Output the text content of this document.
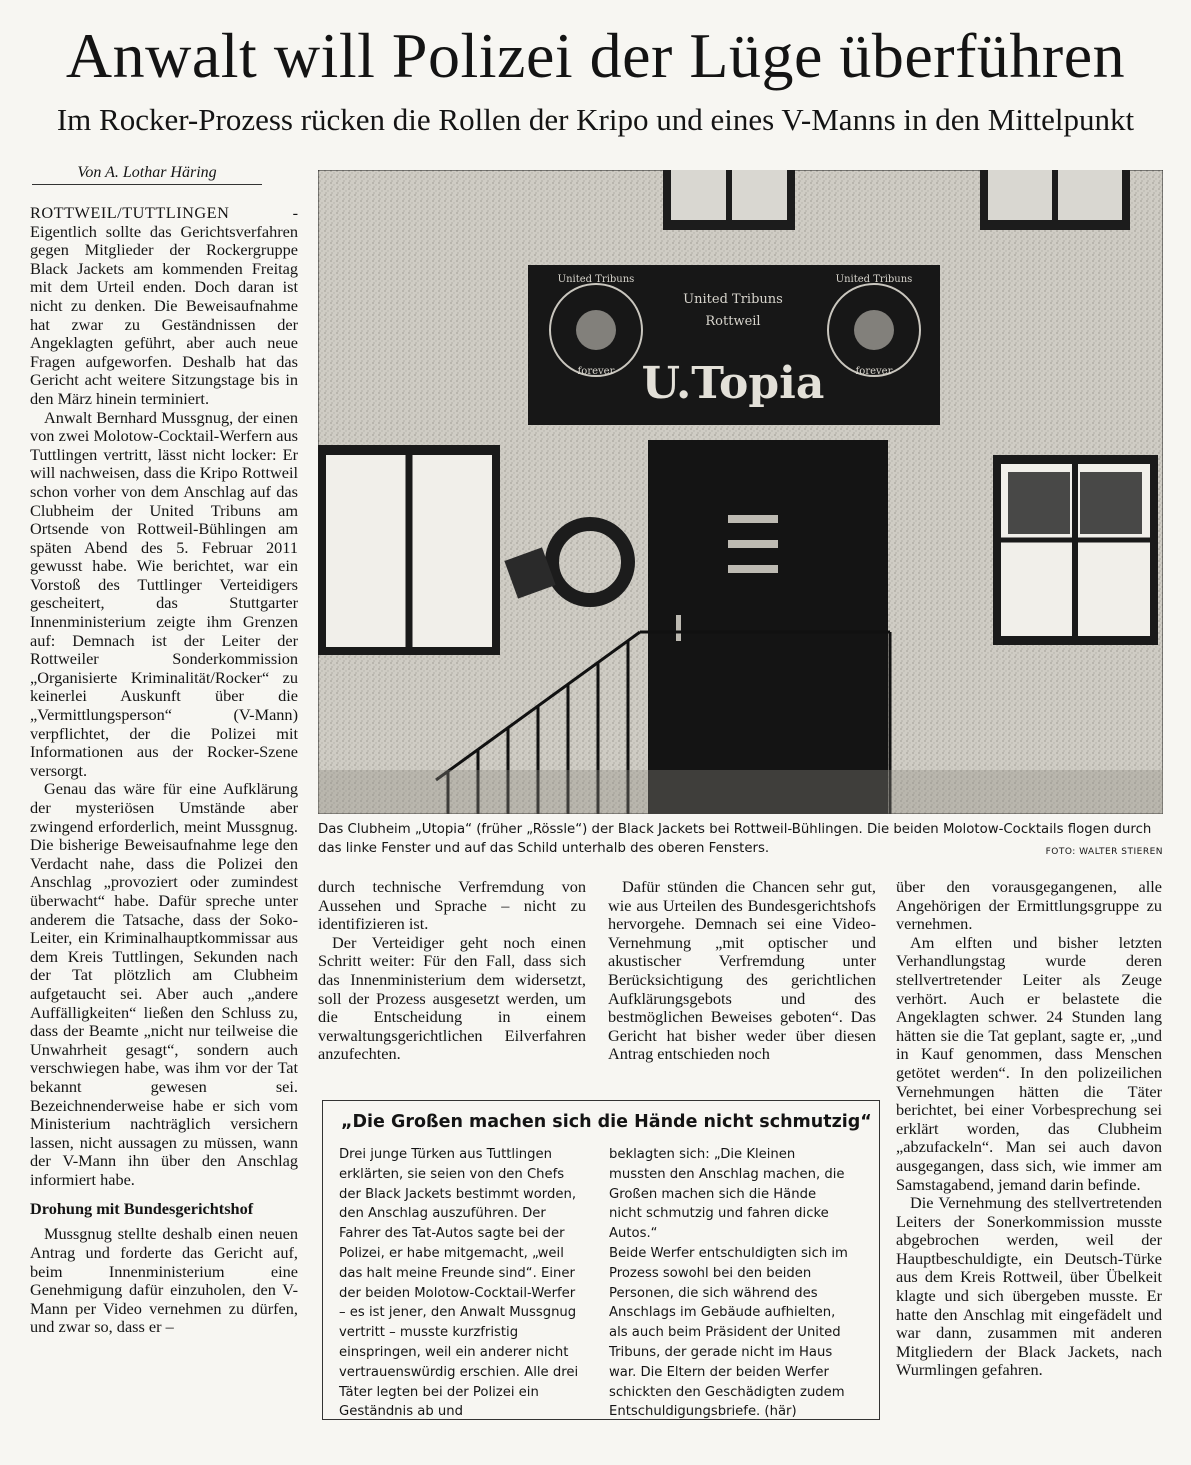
Anwalt will Polizei der Lüge überführen
Im Rocker-Prozess rücken die Rollen der Kripo und eines V-Manns in den Mittelpunkt
Von A. Lothar Häring

ROTTWEIL/TUTTLINGEN - Eigentlich sollte das Gerichtsverfahren gegen Mitglieder der Rockergruppe Black Jackets am kommenden Freitag mit dem Urteil enden. Doch daran ist nicht zu denken. Die Beweisaufnahme hat zwar zu Geständnissen der Angeklagten geführt, aber auch neue Fragen aufgeworfen. Deshalb hat das Gericht acht weitere Sitzungstage bis in den März hinein terminiert.

Anwalt Bernhard Mussgnug, der einen von zwei Molotow-Cocktail-Werfern aus Tuttlingen vertritt, lässt nicht locker: Er will nachweisen, dass die Kripo Rottweil schon vorher von dem Anschlag auf das Clubheim der United Tribuns am Ortsende von Rottweil-Bühlingen am späten Abend des 5. Februar 2011 gewusst habe. Wie berichtet, war ein Vorstoß des Tuttlinger Verteidigers gescheitert, das Stuttgarter Innenministerium zeigte ihm Grenzen auf: Demnach ist der Leiter der Rottweiler Sonderkommission „Organisierte Kriminalität/Rocker“ zu keinerlei Auskunft über die „Vermittlungsperson“ (V-Mann) verpflichtet, der die Polizei mit Informationen aus der Rocker-Szene versorgt.

Genau das wäre für eine Aufklärung der mysteriösen Umstände aber zwingend erforderlich, meint Mussgnug. Die bisherige Beweisaufnahme lege den Verdacht nahe, dass die Polizei den Anschlag „provoziert oder zumindest überwacht“ habe. Dafür spreche unter anderem die Tatsache, dass der Soko-Leiter, ein Kriminalhauptkommissar aus dem Kreis Tuttlingen, Sekunden nach der Tat plötzlich am Clubheim aufgetaucht sei. Aber auch „andere Auffälligkeiten“ ließen den Schluss zu, dass der Beamte „nicht nur teilweise die Unwahrheit gesagt“, sondern auch verschwiegen habe, was ihm vor der Tat bekannt gewesen sei. Bezeichnenderweise habe er sich vom Ministerium nachträglich versichern lassen, nicht aussagen zu müssen, wann der V-Mann ihn über den Anschlag informiert habe.

Drohung mit Bundesgerichtshof

Mussgnug stellte deshalb einen neuen Antrag und forderte das Gericht auf, beim Innenministerium eine Genehmigung dafür einzuholen, den V-Mann per Video vernehmen zu dürfen, und zwar so, dass er –

United Tribuns
Rottweil
U.Topia
United Tribuns
forever
United Tribuns
forever
Das Clubheim „Utopia“ (früher „Rössle“) der Black Jackets bei Rottweil-Bühlingen. Die beiden Molotow-Cocktails flogen durch das linke Fenster und auf das Schild unterhalb des oberen Fensters.	FOTO: WALTER STIEREN

durch technische Verfremdung von Aussehen und Sprache – nicht zu identifizieren ist.

Der Verteidiger geht noch einen Schritt weiter: Für den Fall, dass sich das Innenministerium dem widersetzt, soll der Prozess ausgesetzt werden, um die Entscheidung in einem verwaltungsgerichtlichen Eilverfahren anzufechten.

Dafür stünden die Chancen sehr gut, wie aus Urteilen des Bundesgerichtshofs hervorgehe. Demnach sei eine Video-Vernehmung „mit optischer und akustischer Verfremdung unter Berücksichtigung des gerichtlichen Aufklärungsgebots und des bestmöglichen Beweises geboten“. Das Gericht hat bisher weder über diesen Antrag entschieden noch

über den vorausgegangenen, alle Angehörigen der Ermittlungsgruppe zu vernehmen.

Am elften und bisher letzten Verhandlungstag wurde deren stellvertretender Leiter als Zeuge verhört. Auch er belastete die Angeklagten schwer. 24 Stunden lang hätten sie die Tat geplant, sagte er, „und in Kauf genommen, dass Menschen getötet werden“. In den polizeilichen Vernehmungen hätten die Täter berichtet, bei einer Vorbesprechung sei erklärt worden, das Clubheim „abzufackeln“. Man sei auch davon ausgegangen, dass sich, wie immer am Samstagabend, jemand darin befinde.

Die Vernehmung des stellvertretenden Leiters der Sonerkommission musste abgebrochen werden, weil der Hauptbeschuldigte, ein Deutsch-Türke aus dem Kreis Rottweil, über Übelkeit klagte und sich übergeben musste. Er hatte den Anschlag mit eingefädelt und war dann, zusammen mit anderen Mitgliedern der Black Jackets, nach Wurmlingen gefahren.

„Die Großen machen sich die Hände nicht schmutzig“

Drei junge Türken aus Tuttlingen erklärten, sie seien von den Chefs der Black Jackets bestimmt worden, den Anschlag auszuführen. Der Fahrer des Tat-Autos sagte bei der Polizei, er habe mitgemacht, „weil das halt meine Freunde sind“. Einer der beiden Molotow-Cocktail-Werfer – es ist jener, den Anwalt Mussgnug vertritt – musste kurzfristig einspringen, weil ein anderer nicht vertrauenswürdig erschien. Alle drei Täter legten bei der Polizei ein Geständnis ab und

beklagten sich: „Die Kleinen mussten den Anschlag machen, die Großen machen sich die Hände nicht schmutzig und fahren dicke Autos.“

Beide Werfer entschuldigten sich im Prozess sowohl bei den beiden Personen, die sich während des Anschlags im Gebäude aufhielten, als auch beim Präsident der United Tribuns, der gerade nicht im Haus war. Die Eltern der beiden Werfer schickten den Geschädigten zudem Entschuldigungsbriefe. (här)
